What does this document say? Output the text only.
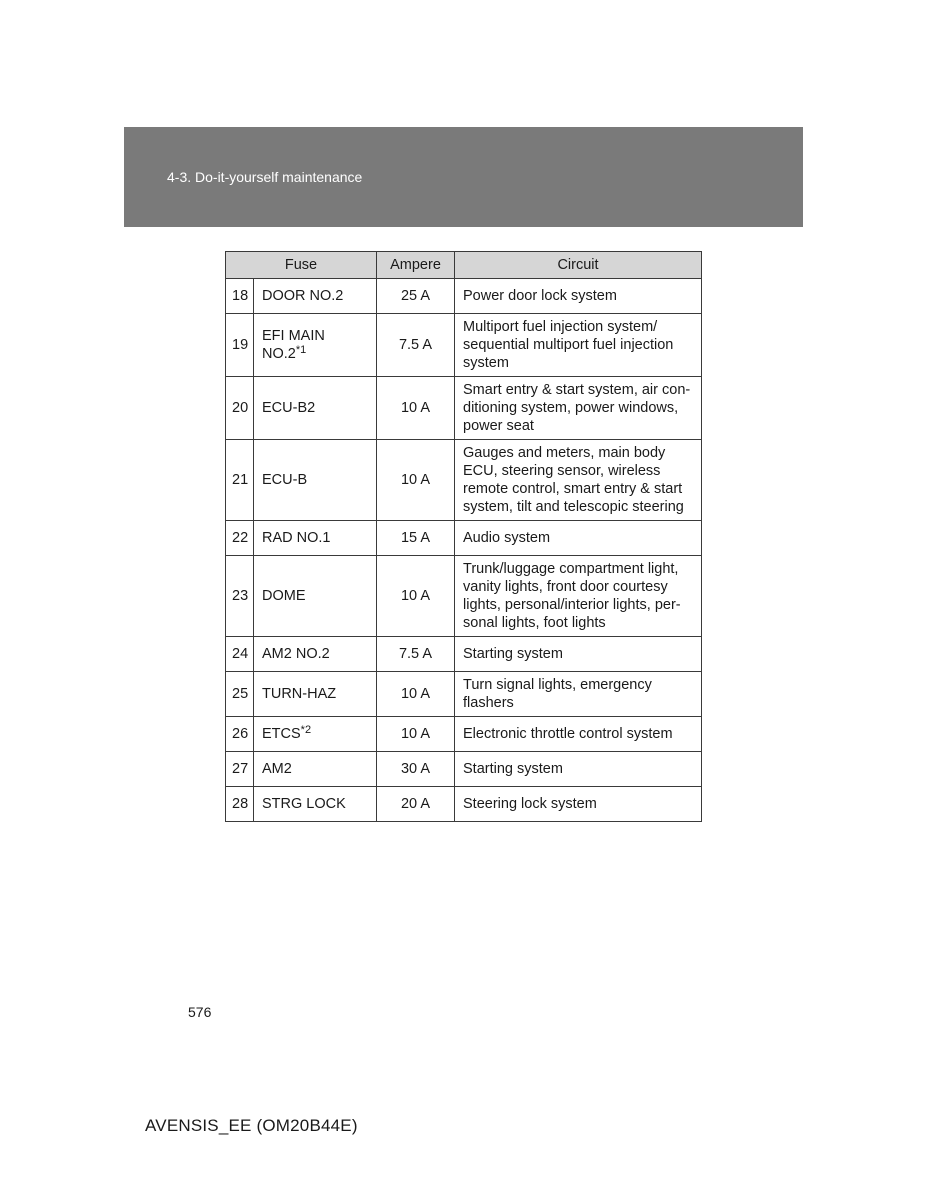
4-3. Do-it-yourself maintenance
Fuse		Ampere	Circuit
18	DOOR NO.2	25 A	Power door lock system
19	EFI MAIN NO.2$^{*1}$	7.5 A	Multiport fuel injection system/ sequential multiport fuel injection system
20	ECU-B2	10 A	Smart entry & start system, air con-ditioning system, power windows, power seat
21	ECU-B	10 A	Gauges and meters, main body ECU, steering sensor, wireless remote control, smart entry & start system, tilt and telescopic steering
22	RAD NO.1	15 A	Audio system
23	DOME	10 A	Trunk/luggage compartment light, vanity lights, front door courtesy lights, personal/interior lights, per-sonal lights, foot lights
24	AM2 NO.2	7.5 A	Starting system
25	TURN-HAZ	10 A	Turn signal lights, emergency flashers
26	ETCS$^{*2}$	10 A	Electronic throttle control system
27	AM2	30 A	Starting system
28	STRG LOCK	20 A	Steering lock system
576
AVENSIS_EE (OM20B44E)
